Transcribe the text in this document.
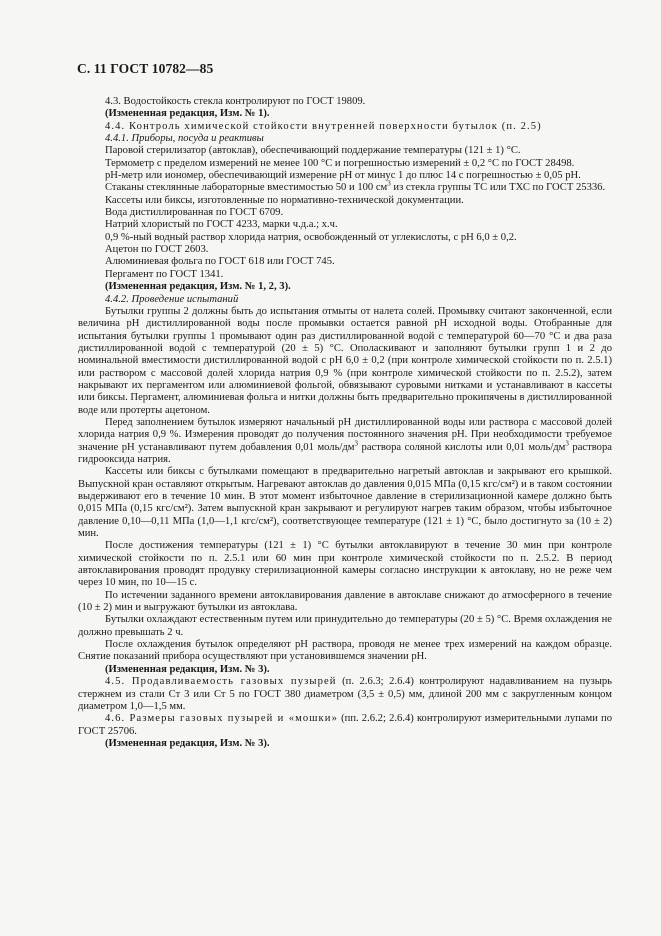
С. 11 ГОСТ 10782—85

4.3. Водостойкость стекла контролируют по ГОСТ 19809.

(Измененная редакция, Изм. № 1).

4.4. Контроль химической стойкости внутренней поверхности бутылок (п. 2.5)

4.4.1. Приборы, посуда и реактивы

Паровой стерилизатор (автоклав), обеспечивающий поддержание температуры (121 ± 1) °С.

Термометр с пределом измерений не менее 100 °С и погрешностью измерений ± 0,2 °С по ГОСТ 28498.

pH-метр или иономер, обеспечивающий измерение рН от минус 1 до плюс 14 с погрешностью ± 0,05 pH.

Стаканы стеклянные лабораторные вместимостью 50 и 100 $см^3$ из стекла группы ТС или ТХС по ГОСТ 25336.

Кассеты или биксы, изготовленные по нормативно-технической документации.

Вода дистиллированная по ГОСТ 6709.

Натрий хлористый по ГОСТ 4233, марки ч.д.а.; х.ч.

0,9 %-ный водный раствор хлорида натрия, освобожденный от углекислоты, с рН 6,0 ± 0,2.

Ацетон по ГОСТ 2603.

Алюминиевая фольга по ГОСТ 618 или ГОСТ 745.

Пергамент по ГОСТ 1341.

(Измененная редакция, Изм. № 1, 2, 3).

4.4.2. Проведение испытаний

Бутылки группы 2 должны быть до испытания отмыты от налета солей. Промывку считают законченной, если величина рН дистиллированной воды после промывки остается равной рН исходной воды. Отобранные для испытания бутылки группы 1 промывают один раз дистиллированной водой с температурой 60—70 °С и два раза дистиллированной водой с температурой (20 ± 5) °С. Ополаскивают и заполняют бутылки групп 1 и 2 до номинальной вместимости дистиллированной водой с рН 6,0 ± 0,2 (при контроле химической стойкости по п. 2.5.1) или раствором с массовой долей хлорида натрия 0,9 % (при контроле химической стойкости по п. 2.5.2), затем накрывают их пергаментом или алюминиевой фольгой, обвязывают суровыми нитками и устанавливают в кассеты или биксы. Пергамент, алюминиевая фольга и нитки должны быть предварительно прокипячены в дистиллированной воде или протерты ацетоном.

Перед заполнением бутылок измеряют начальный рН дистиллированной воды или раствора с массовой долей хлорида натрия 0,9 %. Измерения проводят до получения постоянного значения рН. При необходимости требуемое значение рН устанавливают путем добавления 0,01 моль/$дм^3$ раствора соляной кислоты или 0,01 моль/$дм^3$ раствора гидрооксида натрия.

Кассеты или биксы с бутылками помещают в предварительно нагретый автоклав и закрывают его крышкой. Выпускной кран оставляют открытым. Нагревают автоклав до давления 0,015 МПа (0,15 кгс/см²) и в таком состоянии выдерживают его в течение 10 мин. В этот момент избыточное давление в стерилизационной камере должно быть 0,015 МПа (0,15 кгс/см²). Затем выпускной кран закрывают и регулируют нагрев таким образом, чтобы избыточное давление 0,10—0,11 МПа (1,0—1,1 кгс/см²), соответствующее температуре (121 ± 1) °С, было достигнуто за (10 ± 2) мин.

После достижения температуры (121 ± 1) °С бутылки автоклавируют в течение 30 мин при контроле химической стойкости по п. 2.5.1 или 60 мин при контроле химической стойкости по п. 2.5.2. В период автоклавирования проводят продувку стерилизационной камеры согласно инструкции к автоклаву, но не реже чем через 10 мин, по 10—15 с.

По истечении заданного времени автоклавирования давление в автоклаве снижают до атмосферного в течение (10 ± 2) мин и выгружают бутылки из автоклава.

Бутылки охлаждают естественным путем или принудительно до температуры (20 ± 5) °С. Время охлаждения не должно превышать 2 ч.

После охлаждения бутылок определяют рН раствора, проводя не менее трех измерений на каждом образце. Снятие показаний прибора осуществляют при установившемся значении рН.

(Измененная редакция, Изм. № 3).

4.5. Продавливаемость газовых пузырей (п. 2.6.3; 2.6.4) контролируют надавливанием на пузырь стержнем из стали Ст 3 или Ст 5 по ГОСТ 380 диаметром (3,5 ± 0,5) мм, длиной 200 мм с закругленным концом диаметром 1,0—1,5 мм.

4.6. Размеры газовых пузырей и «мошки» (пп. 2.6.2; 2.6.4) контролируют измерительными лупами по ГОСТ 25706.

(Измененная редакция, Изм. № 3).
